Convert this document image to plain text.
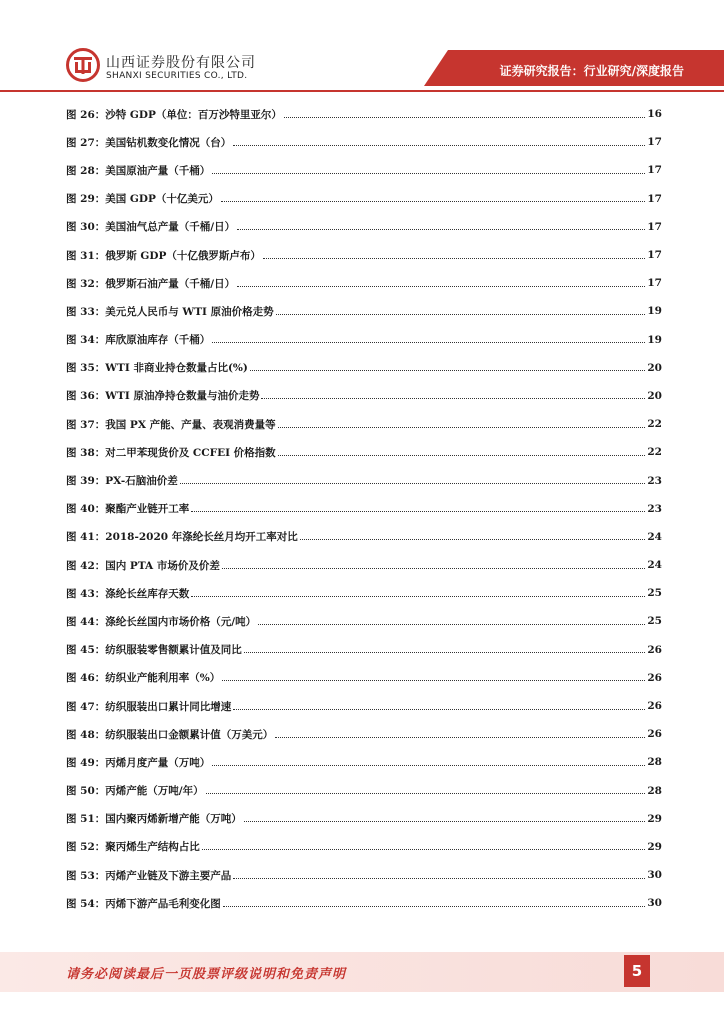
山西证券股份有限公司
SHANXI SECURITIES CO., LTD.	证券研究报告：行业研究/深度报告
图 26：沙特 GDP（单位：百万沙特里亚尔）	16
图 27：美国钻机数变化情况（台）	17
图 28：美国原油产量（千桶）	17
图 29：美国 GDP（十亿美元）	17
图 30：美国油气总产量（千桶/日）	17
图 31：俄罗斯 GDP（十亿俄罗斯卢布）	17
图 32：俄罗斯石油产量（千桶/日）	17
图 33：美元兑人民币与 WTI 原油价格走势	19
图 34：库欣原油库存（千桶）	19
图 35：WTI 非商业持仓数量占比(%)	20
图 36：WTI 原油净持仓数量与油价走势	20
图 37：我国 PX 产能、产量、表观消费量等	22
图 38：对二甲苯现货价及 CCFEI 价格指数	22
图 39：PX-石脑油价差	23
图 40：聚酯产业链开工率	23
图 41：2018-2020 年涤纶长丝月均开工率对比	24
图 42：国内 PTA 市场价及价差	24
图 43：涤纶长丝库存天数	25
图 44：涤纶长丝国内市场价格（元/吨）	25
图 45：纺织服装零售额累计值及同比	26
图 46：纺织业产能利用率（%）	26
图 47：纺织服装出口累计同比增速	26
图 48：纺织服装出口金额累计值（万美元）	26
图 49：丙烯月度产量（万吨）	28
图 50：丙烯产能（万吨/年）	28
图 51：国内聚丙烯新增产能（万吨）	29
图 52：聚丙烯生产结构占比	29
图 53：丙烯产业链及下游主要产品	30
图 54：丙烯下游产品毛利变化图	30
请务必阅读最后一页股票评级说明和免责声明	5
